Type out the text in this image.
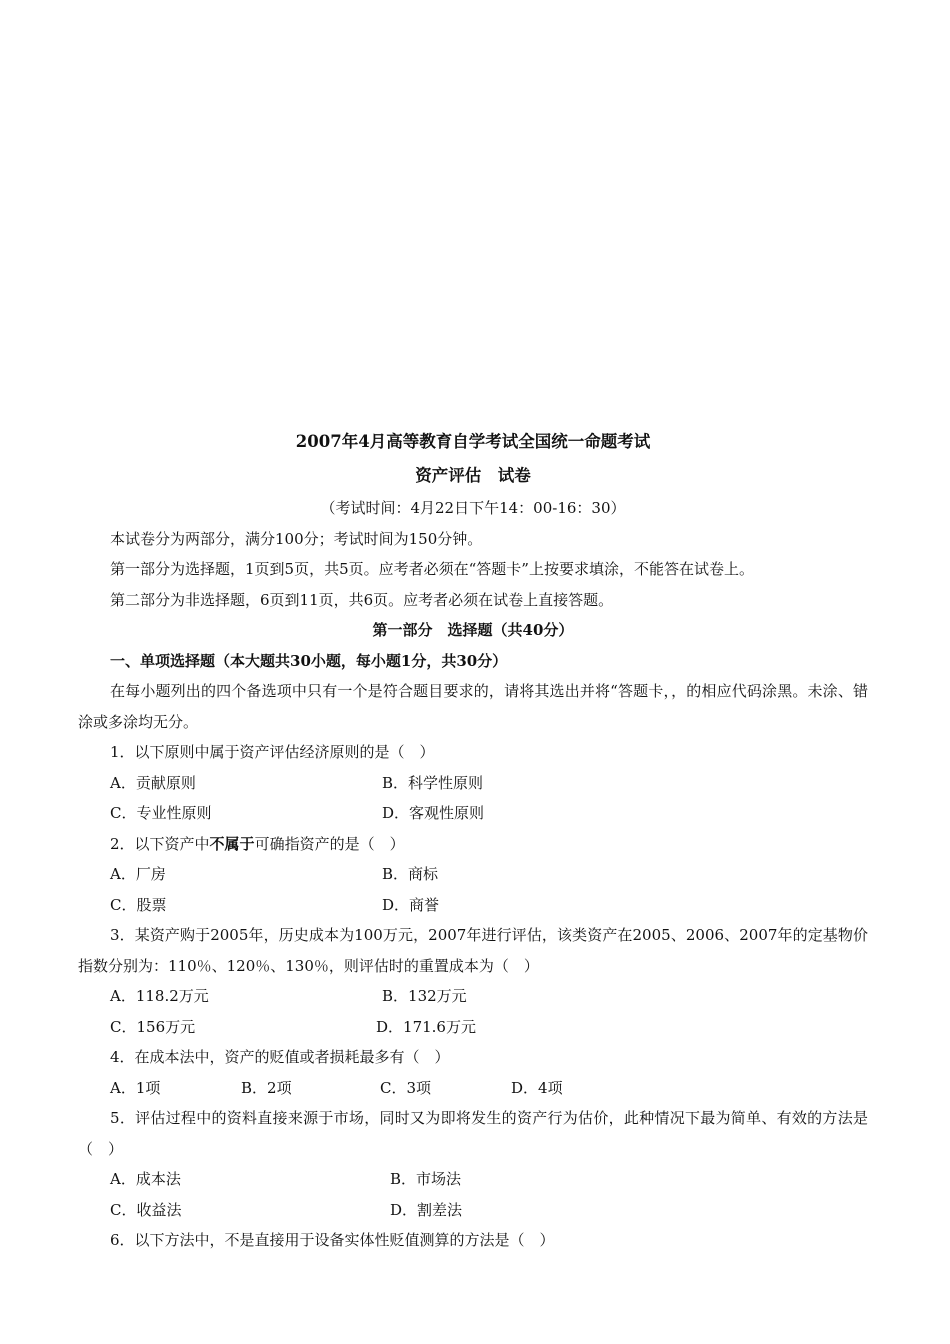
2007年4月高等教育自学考试全国统一命题考试
资产评估　试卷
（考试时间：4月22日下午14：00-16：30）
本试卷分为两部分，满分100分；考试时间为150分钟。
第一部分为选择题，1页到5页，共5页。应考者必须在“答题卡”上按要求填涂，不能答在试卷上。
第二部分为非选择题，6页到11页，共6页。应考者必须在试卷上直接答题。
第一部分　选择题（共40分）
一、单项选择题（本大题共30小题，每小题1分，共30分）
在每小题列出的四个备选项中只有一个是符合题目要求的，请将其选出并将“答题卡，，的相应代码涂黑。未涂、错涂或多涂均无分。
1．以下原则中属于资产评估经济原则的是（　）
A．贡献原则	B．科学性原则
C．专业性原则	D．客观性原则
2．以下资产中不属于可确指资产的是（　）
A．厂房	B．商标
C．股票	D．商誉
3．某资产购于2005年，历史成本为100万元，2007年进行评估，该类资产在2005、2006、2007年的定基物价指数分别为：110％、120％、130％，则评估时的重置成本为（　）
A．118.2万元	B．132万元
C．156万元	D．171.6万元
4．在成本法中，资产的贬值或者损耗最多有（　）
A．1项	B．2项	C．3项	D．4项
5．评估过程中的资料直接来源于市场，同时又为即将发生的资产行为估价，此种情况下最为简单、有效的方法是（　）
A．成本法	B．市场法
C．收益法	D．割差法
6．以下方法中，不是直接用于设备实体性贬值测算的方法是（　）
